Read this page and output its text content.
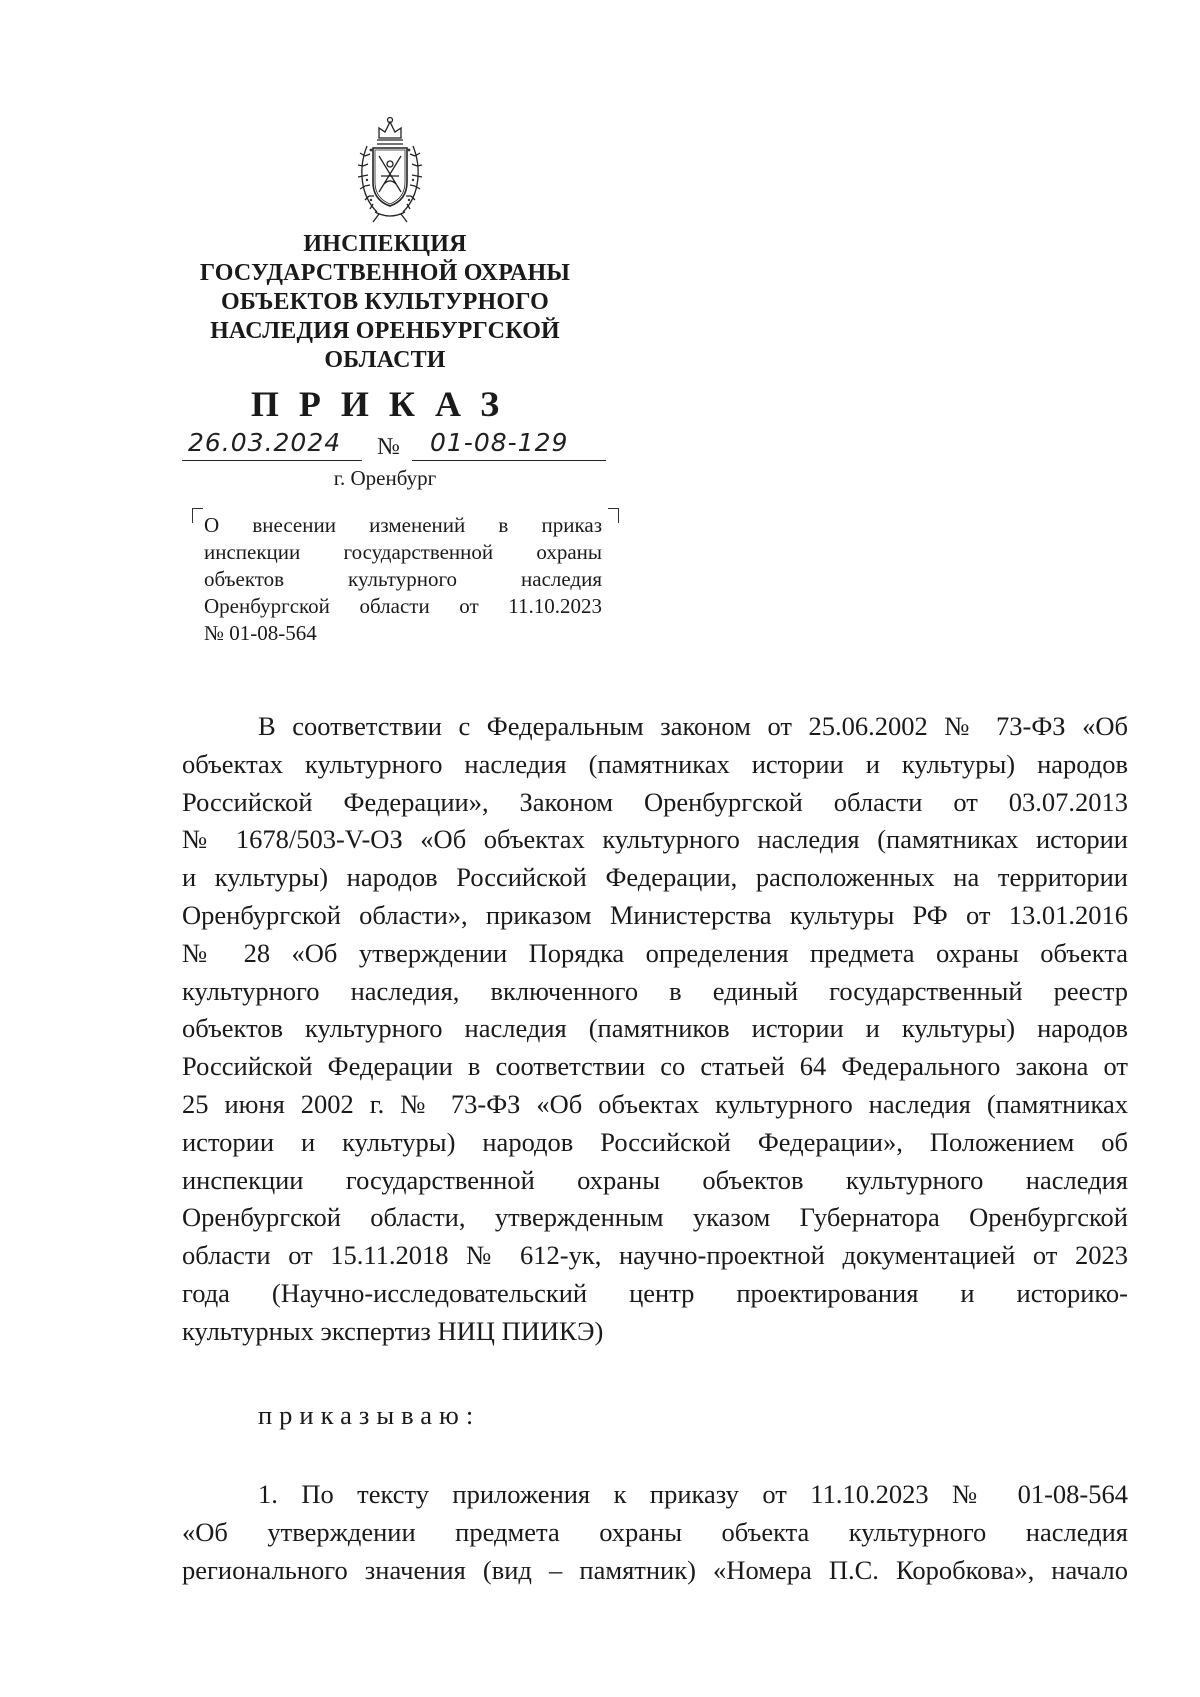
ИНСПЕКЦИЯ
ГОСУДАРСТВЕННОЙ ОХРАНЫ
ОБЪЕКТОВ КУЛЬТУРНОГО
НАСЛЕДИЯ ОРЕНБУРГСКОЙ
ОБЛАСТИ
ПРИКАЗ
26.03.2024 № 01-08-129
г. Оренбург
О внесении изменений в приказ
инспекции государственной охраны
объектов культурного наследия
Оренбургской области от 11.10.2023
№ 01-08-564
В соответствии с Федеральным законом от 25.06.2002 № 73-ФЗ «Об
объектах культурного наследия (памятниках истории и культуры) народов
Российской Федерации», Законом Оренбургской области от 03.07.2013
№ 1678/503-V-ОЗ «Об объектах культурного наследия (памятниках истории
и культуры) народов Российской Федерации, расположенных на территории
Оренбургской области», приказом Министерства культуры РФ от 13.01.2016
№ 28 «Об утверждении Порядка определения предмета охраны объекта
культурного наследия, включенного в единый государственный реестр
объектов культурного наследия (памятников истории и культуры) народов
Российской Федерации в соответствии со статьей 64 Федерального закона от
25 июня 2002 г. № 73-ФЗ «Об объектах культурного наследия (памятниках
истории и культуры) народов Российской Федерации», Положением об
инспекции государственной охраны объектов культурного наследия
Оренбургской области, утвержденным указом Губернатора Оренбургской
области от 15.11.2018 № 612-ук, научно-проектной документацией от 2023
года (Научно-исследовательский центр проектирования и историко-
культурных экспертиз НИЦ ПИИКЭ)
приказываю:
1. По тексту приложения к приказу от 11.10.2023 № 01-08-564
«Об утверждении предмета охраны объекта культурного наследия
регионального значения (вид – памятник) «Номера П.С. Коробкова», начало
